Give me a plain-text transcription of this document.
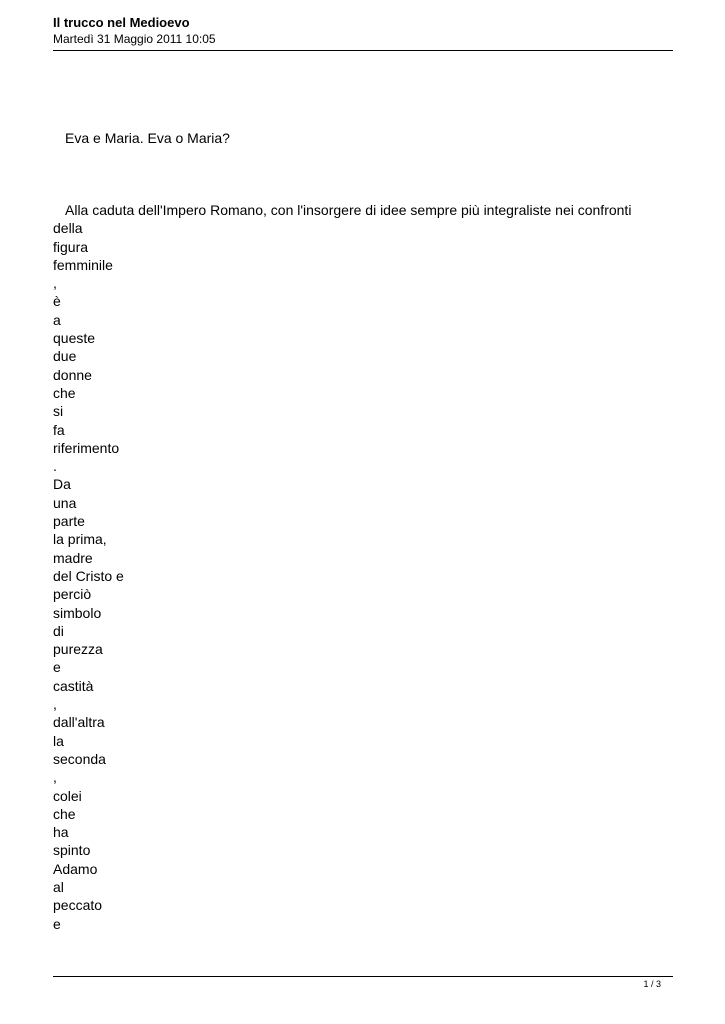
Il trucco nel Medioevo

Martedì 31 Maggio 2011 10:05

Eva e Maria. Eva o Maria?

Alla caduta dell'Impero Romano, con l'insorgere di idee sempre più integraliste nei confronti
della
figura
femminile
,
è
a
queste
due
donne
che
si
fa
riferimento
.
Da
una
parte
la prima,
madre
del Cristo e
perciò
simbolo
di
purezza
e
castità
,
dall'altra
la
seconda
,
colei
che
ha
spinto
Adamo
al
peccato
e
1 / 3
